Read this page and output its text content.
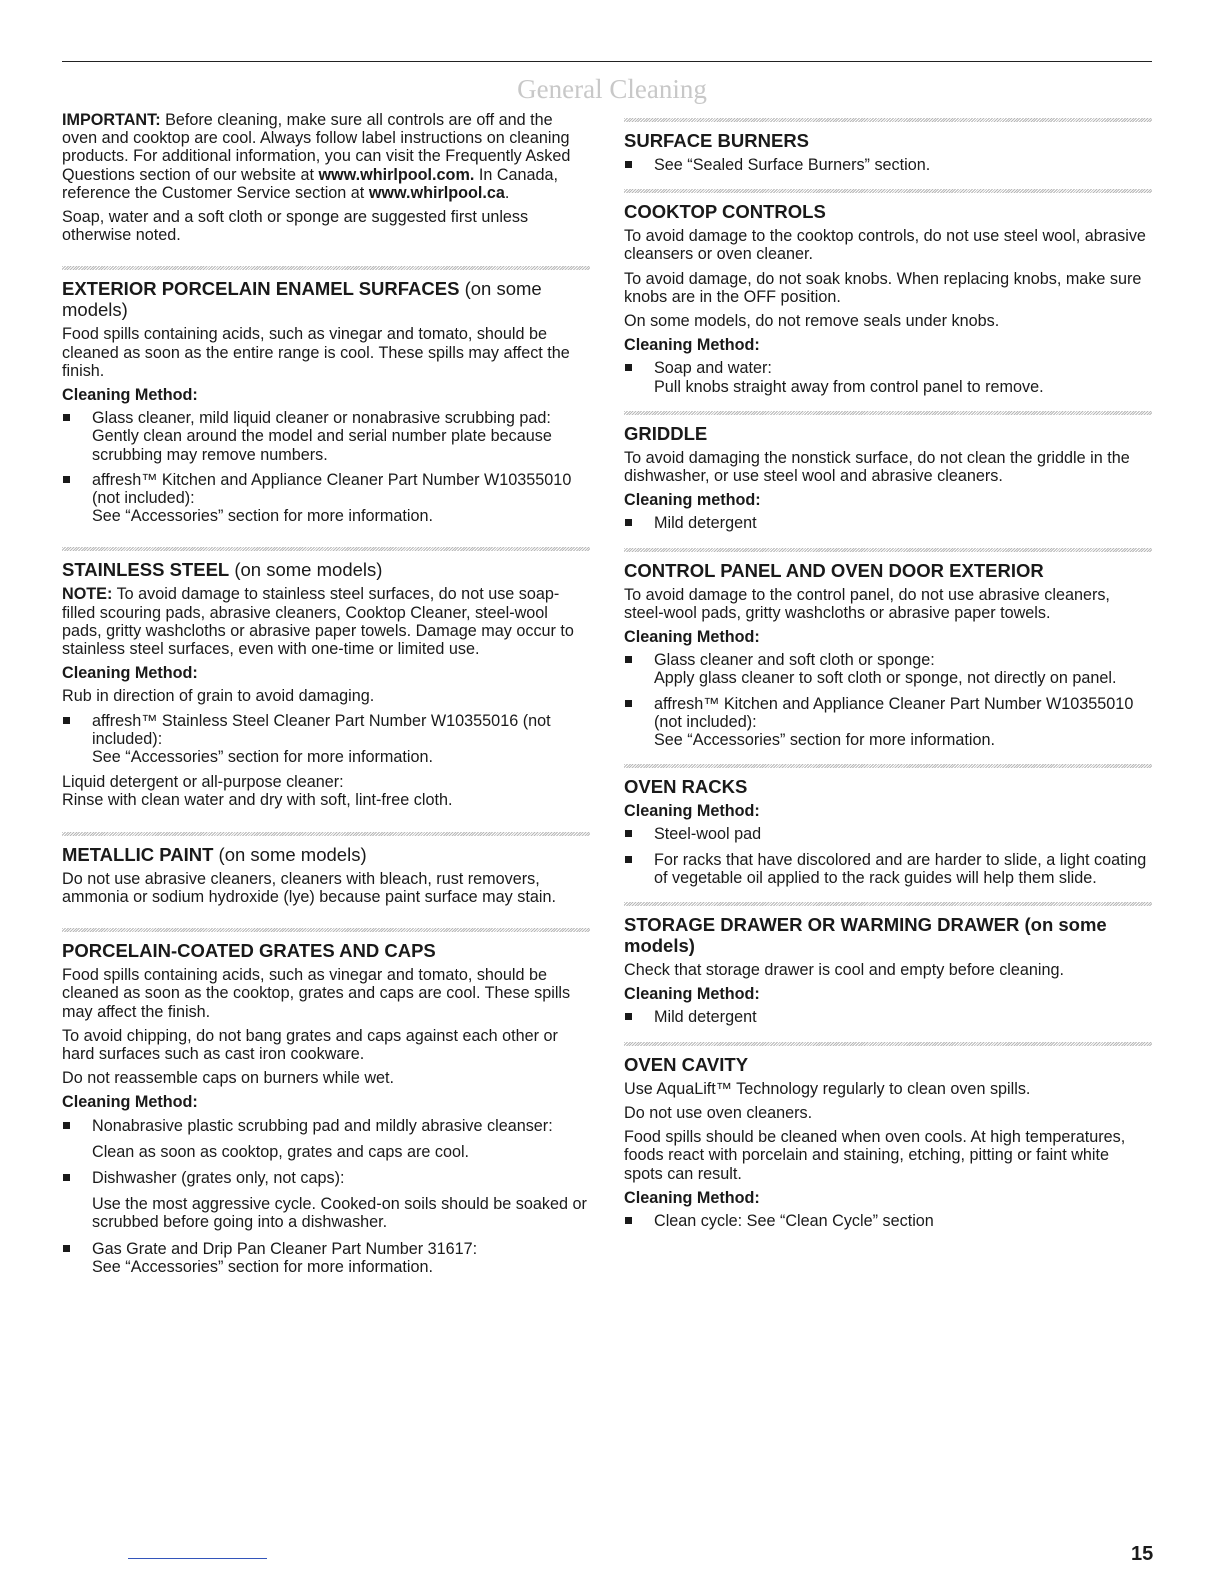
General Cleaning

IMPORTANT: Before cleaning, make sure all controls are off and the oven and cooktop are cool. Always follow label instructions on cleaning products. For additional information, you can visit the Frequently Asked Questions section of our website at www.whirlpool.com. In Canada, reference the Customer Service section at www.whirlpool.ca.

Soap, water and a soft cloth or sponge are suggested first unless otherwise noted.

EXTERIOR PORCELAIN ENAMEL SURFACES (on some models)

Food spills containing acids, such as vinegar and tomato, should be cleaned as soon as the entire range is cool. These spills may affect the finish.

Cleaning Method:

Glass cleaner, mild liquid cleaner or nonabrasive scrubbing pad:
Gently clean around the model and serial number plate because scrubbing may remove numbers.
affresh™ Kitchen and Appliance Cleaner Part Number W10355010 (not included):
See “Accessories” section for more information.
STAINLESS STEEL (on some models)

NOTE: To avoid damage to stainless steel surfaces, do not use soap-filled scouring pads, abrasive cleaners, Cooktop Cleaner, steel-wool pads, gritty washcloths or abrasive paper towels. Damage may occur to stainless steel surfaces, even with one-time or limited use.

Cleaning Method:

Rub in direction of grain to avoid damaging.

affresh™ Stainless Steel Cleaner Part Number W10355016 (not included):
See “Accessories” section for more information.

Liquid detergent or all-purpose cleaner:
Rinse with clean water and dry with soft, lint-free cloth.

METALLIC PAINT (on some models)

Do not use abrasive cleaners, cleaners with bleach, rust removers, ammonia or sodium hydroxide (lye) because paint surface may stain.

PORCELAIN-COATED GRATES AND CAPS

Food spills containing acids, such as vinegar and tomato, should be cleaned as soon as the cooktop, grates and caps are cool. These spills may affect the finish.

To avoid chipping, do not bang grates and caps against each other or hard surfaces such as cast iron cookware.

Do not reassemble caps on burners while wet.

Cleaning Method:

Nonabrasive plastic scrubbing pad and mildly abrasive cleanser:

Clean as soon as cooktop, grates and caps are cool.

Dishwasher (grates only, not caps):

Use the most aggressive cycle. Cooked-on soils should be soaked or scrubbed before going into a dishwasher.

Gas Grate and Drip Pan Cleaner Part Number 31617:
See “Accessories” section for more information.
SURFACE BURNERS
See “Sealed Surface Burners” section.
COOKTOP CONTROLS

To avoid damage to the cooktop controls, do not use steel wool, abrasive cleansers or oven cleaner.

To avoid damage, do not soak knobs. When replacing knobs, make sure knobs are in the OFF position.

On some models, do not remove seals under knobs.

Cleaning Method:

Soap and water:
Pull knobs straight away from control panel to remove.
GRIDDLE

To avoid damaging the nonstick surface, do not clean the griddle in the dishwasher, or use steel wool and abrasive cleaners.

Cleaning method:

Mild detergent
CONTROL PANEL AND OVEN DOOR EXTERIOR

To avoid damage to the control panel, do not use abrasive cleaners, steel-wool pads, gritty washcloths or abrasive paper towels.

Cleaning Method:

Glass cleaner and soft cloth or sponge:
Apply glass cleaner to soft cloth or sponge, not directly on panel.
affresh™ Kitchen and Appliance Cleaner Part Number W10355010 (not included):
See “Accessories” section for more information.
OVEN RACKS

Cleaning Method:

Steel-wool pad
For racks that have discolored and are harder to slide, a light coating of vegetable oil applied to the rack guides will help them slide.
STORAGE DRAWER OR WARMING DRAWER (on some models)

Check that storage drawer is cool and empty before cleaning.

Cleaning Method:

Mild detergent
OVEN CAVITY

Use AquaLift™ Technology regularly to clean oven spills.

Do not use oven cleaners.

Food spills should be cleaned when oven cools. At high temperatures, foods react with porcelain and staining, etching, pitting or faint white spots can result.

Cleaning Method:

Clean cycle: See “Clean Cycle” section
15
